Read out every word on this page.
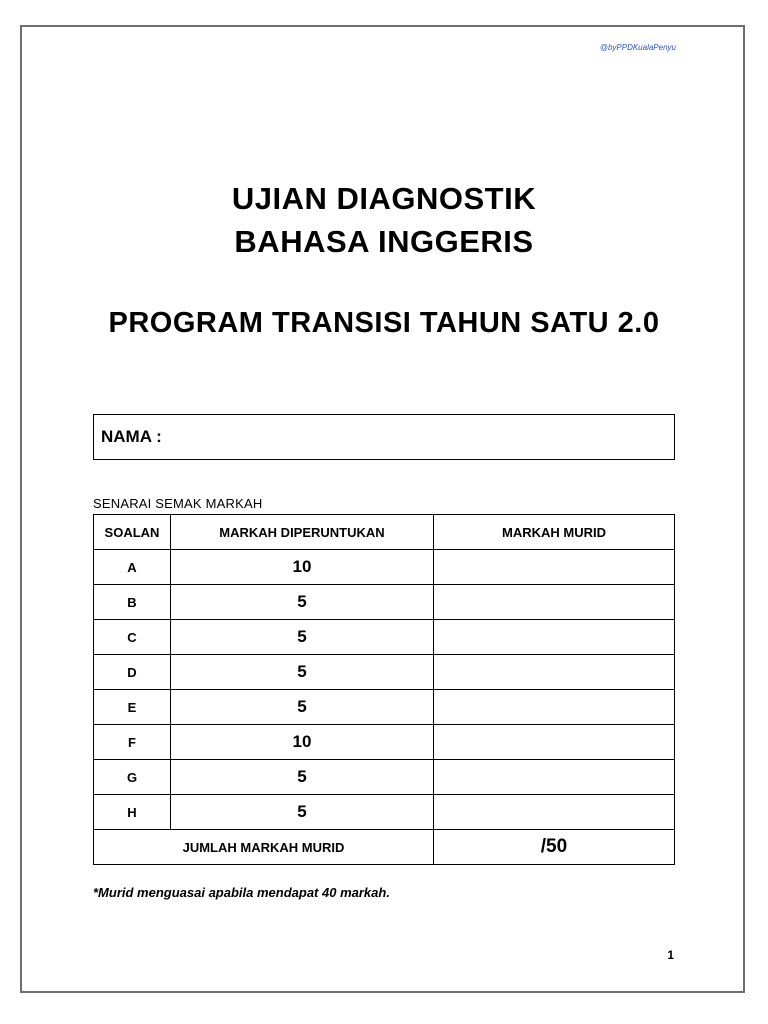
@byPPDKualaPenyu
UJIAN DIAGNOSTIK
BAHASA INGGERIS
PROGRAM TRANSISI TAHUN SATU 2.0
NAMA :
SENARAI SEMAK MARKAH
SOALAN	MARKAH DIPERUNTUKAN	MARKAH MURID
A	10	
B	5	
C	5	
D	5	
E	5	
F	10	
G	5	
H	5	
JUMLAH MARKAH MURID		/50
*Murid menguasai apabila mendapat 40 markah.
1
